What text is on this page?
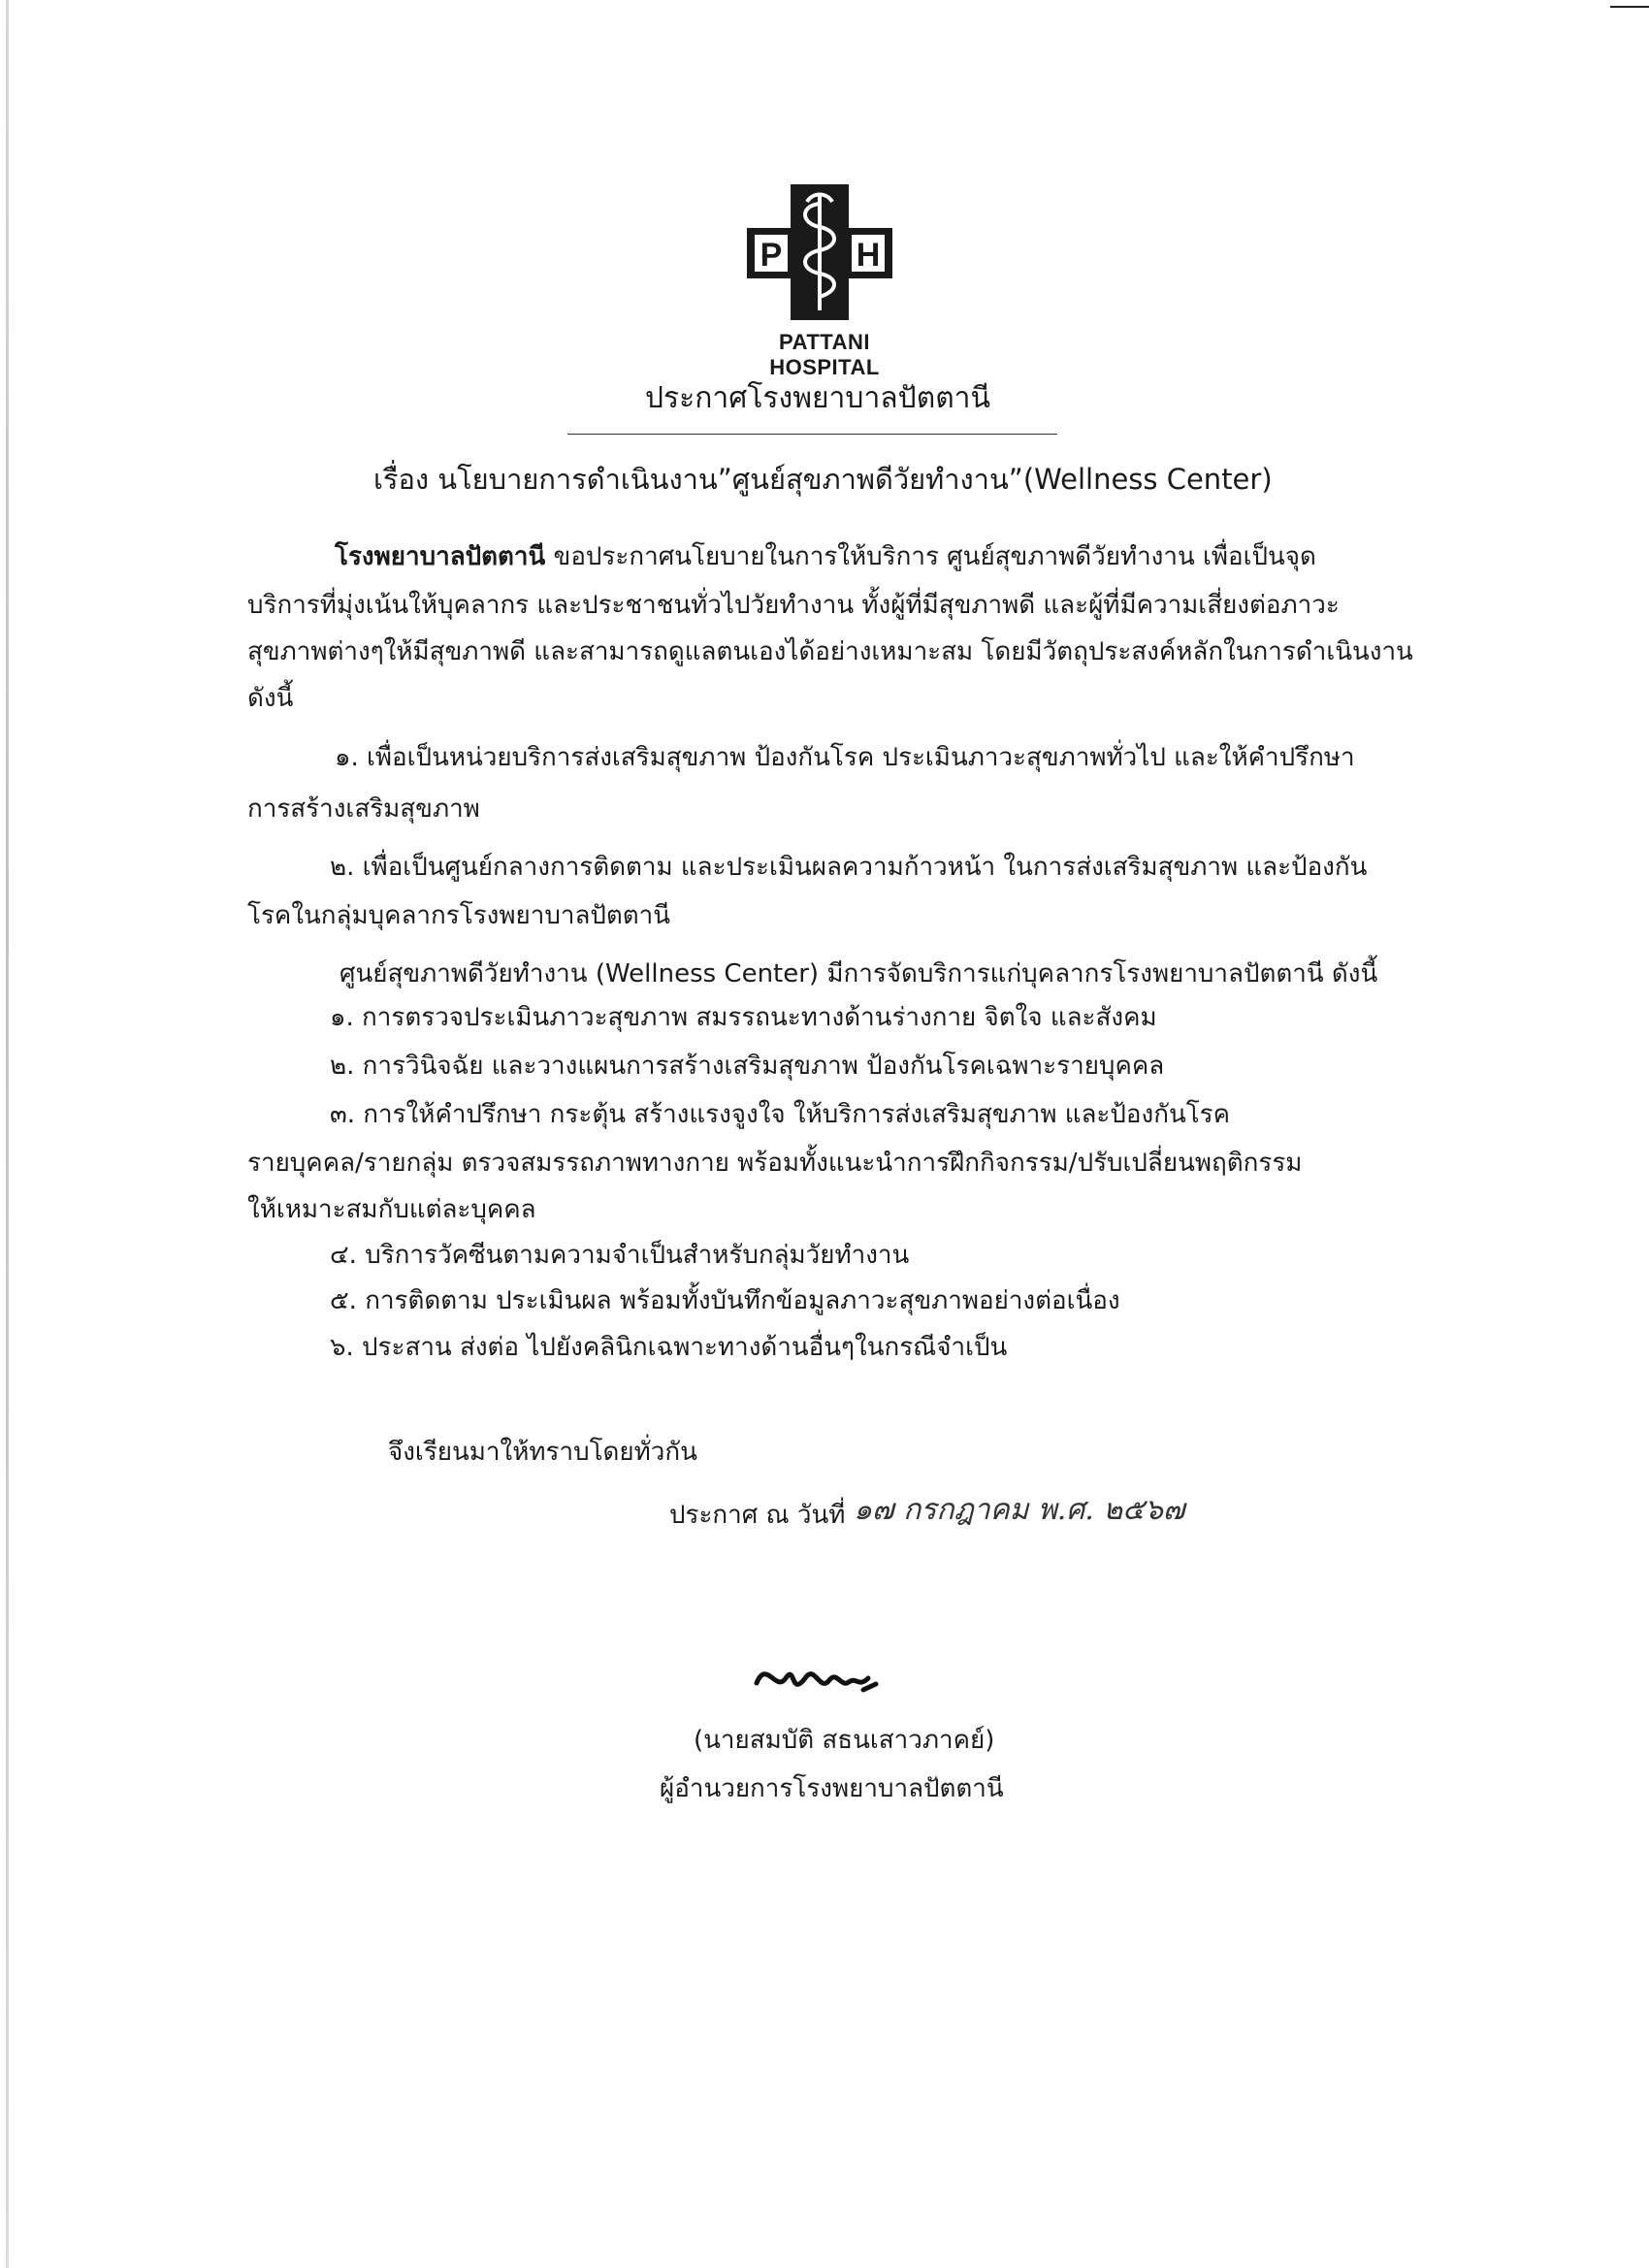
P H
PATTANI HOSPITAL
ประกาศโรงพยาบาลปัตตานี
เรื่อง นโยบายการดำเนินงาน”ศูนย์สุขภาพดีวัยทำงาน”(Wellness Center)
โรงพยาบาลปัตตานี ขอประกาศนโยบายในการให้บริการ ศูนย์สุขภาพดีวัยทำงาน เพื่อเป็นจุด
บริการที่มุ่งเน้นให้บุคลากร และประชาชนทั่วไปวัยทำงาน ทั้งผู้ที่มีสุขภาพดี และผู้ที่มีความเสี่ยงต่อภาวะ
สุขภาพต่างๆให้มีสุขภาพดี และสามารถดูแลตนเองได้อย่างเหมาะสม โดยมีวัตถุประสงค์หลักในการดำเนินงาน
ดังนี้
๑. เพื่อเป็นหน่วยบริการส่งเสริมสุขภาพ ป้องกันโรค ประเมินภาวะสุขภาพทั่วไป และให้คำปรึกษา
การสร้างเสริมสุขภาพ
๒. เพื่อเป็นศูนย์กลางการติดตาม และประเมินผลความก้าวหน้า ในการส่งเสริมสุขภาพ และป้องกัน
โรคในกลุ่มบุคลากรโรงพยาบาลปัตตานี
ศูนย์สุขภาพดีวัยทำงาน (Wellness Center) มีการจัดบริการแก่บุคลากรโรงพยาบาลปัตตานี ดังนี้
๑. การตรวจประเมินภาวะสุขภาพ สมรรถนะทางด้านร่างกาย จิตใจ และสังคม
๒. การวินิจฉัย และวางแผนการสร้างเสริมสุขภาพ ป้องกันโรคเฉพาะรายบุคคล
๓. การให้คำปรึกษา กระตุ้น สร้างแรงจูงใจ ให้บริการส่งเสริมสุขภาพ และป้องกันโรค
รายบุคคล/รายกลุ่ม ตรวจสมรรถภาพทางกาย พร้อมทั้งแนะนำการฝึกกิจกรรม/ปรับเปลี่ยนพฤติกรรม
ให้เหมาะสมกับแต่ละบุคคล
๔. บริการวัคซีนตามความจำเป็นสำหรับกลุ่มวัยทำงาน
๕. การติดตาม ประเมินผล พร้อมทั้งบันทึกข้อมูลภาวะสุขภาพอย่างต่อเนื่อง
๖. ประสาน ส่งต่อ ไปยังคลินิกเฉพาะทางด้านอื่นๆในกรณีจำเป็น
จึงเรียนมาให้ทราบโดยทั่วกัน
ประกาศ ณ วันที่ ๑๗ กรกฎาคม พ.ศ. ๒๕๖๗
(นายสมบัติ สธนเสาวภาคย์)
ผู้อำนวยการโรงพยาบาลปัตตานี
